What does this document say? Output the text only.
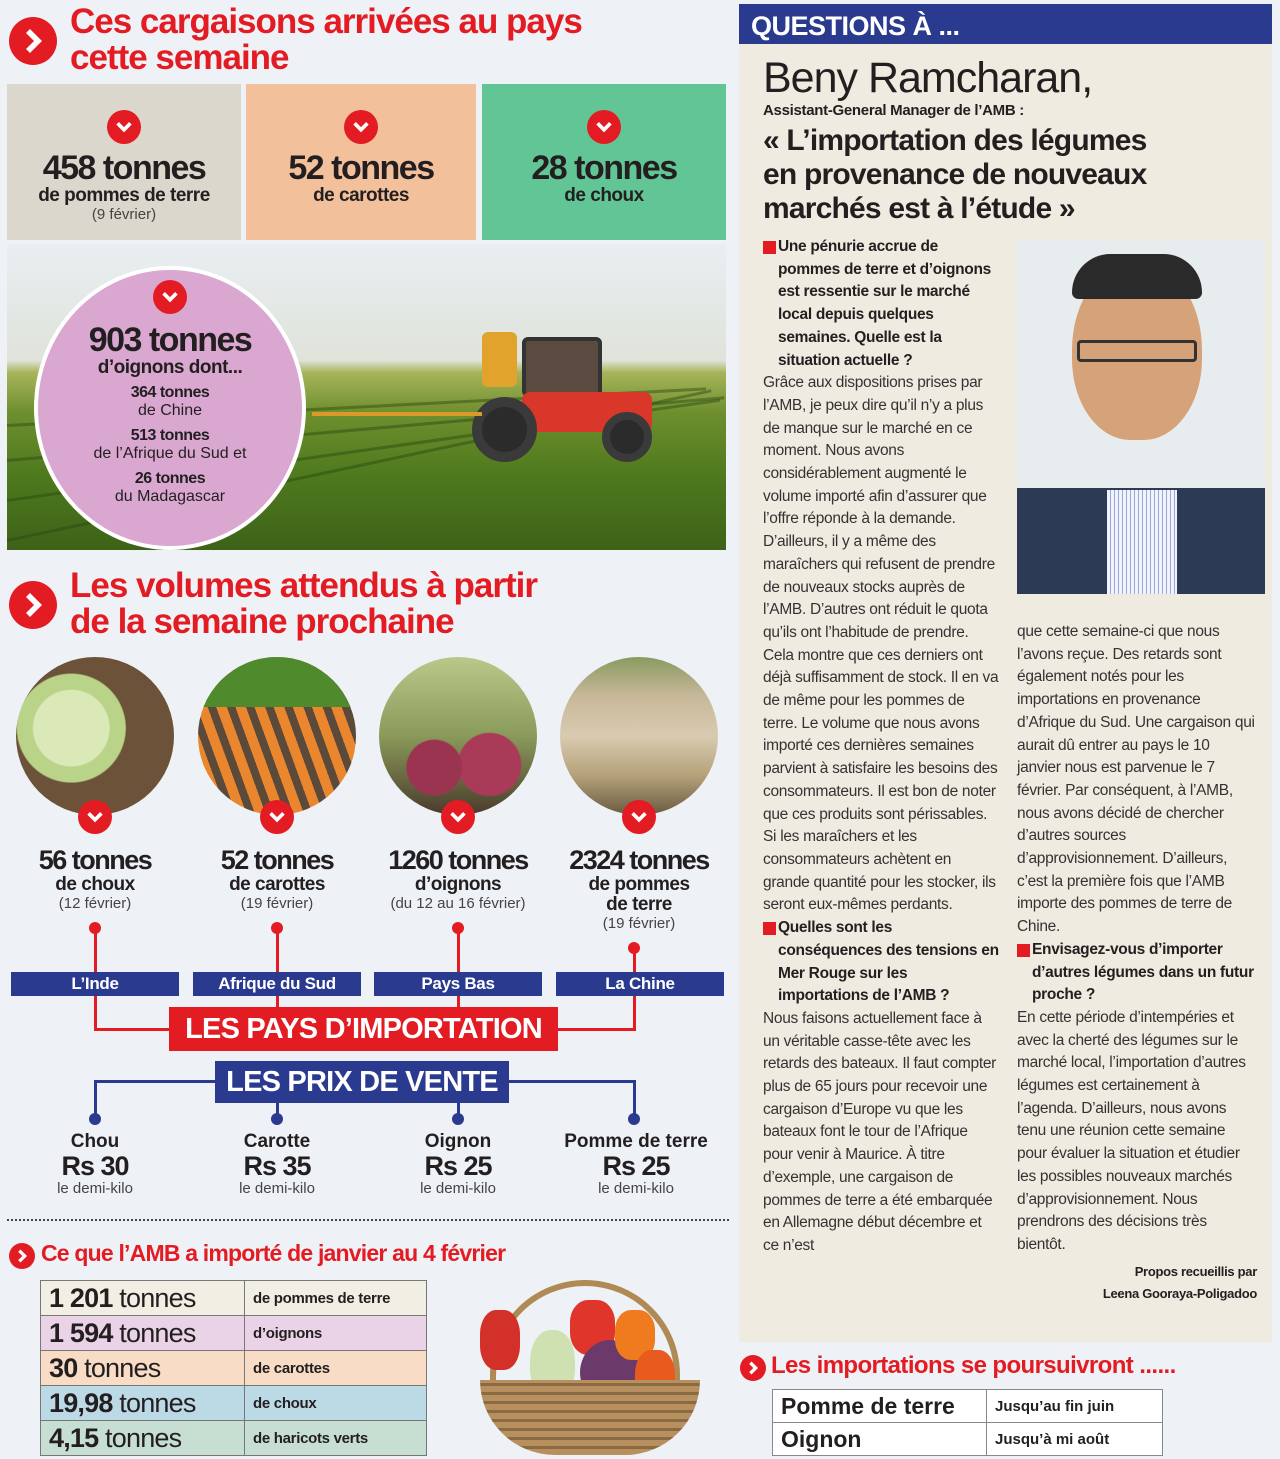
Ces cargaisons arrivées au pays
cette semaine
458 tonnes
de pommes de terre
(9 février)
52 tonnes
de carottes
28 tonnes
de choux
903 tonnes
d’oignons dont...
364 tonnes
de Chine
513 tonnes
de l’Afrique du Sud et
26 tonnes
du Madagascar
Les volumes attendus à partir
de la semaine prochaine
56 tonnes
de choux
(12 février)
52 tonnes
de carottes
(19 février)
1260 tonnes
d’oignons
(du 12 au 16 février)
2324 tonnes
de pommes
de terre
(19 février)
L’Inde	Afrique du Sud	Pays Bas	La Chine
LES PAYS D’IMPORTATION
LES PRIX DE VENTE
Chou
Rs 30
le demi-kilo
Carotte
Rs 35
le demi-kilo
Oignon
Rs 25
le demi-kilo
Pomme de terre
Rs 25
le demi-kilo
Ce que l’AMB a importé de janvier au 4 février
1 201 tonnes	de pommes de terre
1 594 tonnes	d’oignons
30 tonnes	de carottes
19,98 tonnes	de choux
4,15 tonnes	de haricots verts
QUESTIONS À ...
Beny Ramcharan,
Assistant-General Manager de l’AMB :
« L’importation des légumes
en provenance de nouveaux
marchés est à l’étude »

Une pénurie accrue de pommes de terre et d’oignons est ressentie sur le marché local depuis quelques semaines. Quelle est la situation actuelle ?

Grâce aux dispositions prises par l’AMB, je peux dire qu’il n’y a plus de manque sur le marché en ce moment. Nous avons considérablement augmenté le volume importé afin d’assurer que l’offre réponde à la demande. D’ailleurs, il y a même des maraîchers qui refusent de prendre de nouveaux stocks auprès de l’AMB. D’autres ont réduit le quota qu’ils ont l’habitude de prendre. Cela montre que ces derniers ont déjà suffisamment de stock. Il en va de même pour les pommes de terre. Le volume que nous avons importé ces dernières semaines parvient à satisfaire les besoins des consommateurs. Il est bon de noter que ces produits sont périssables. Si les maraîchers et les consommateurs achètent en grande quantité pour les stocker, ils seront eux-mêmes perdants.

Quelles sont les conséquences des tensions en Mer Rouge sur les importations de l’AMB ?

Nous faisons actuellement face à un véritable casse-tête avec les retards des bateaux. Il faut compter plus de 65 jours pour recevoir une cargaison d’Europe vu que les bateaux font le tour de l’Afrique pour venir à Maurice. À titre d’exemple, une cargaison de pommes de terre a été embarquée en Allemagne début décembre et ce n’est

que cette semaine-ci que nous l’avons reçue. Des retards sont également notés pour les importations en provenance d’Afrique du Sud. Une cargaison qui aurait dû entrer au pays le 10 janvier nous est parvenue le 7 février. Par conséquent, à l’AMB, nous avons décidé de chercher d’autres sources d’approvisionnement. D’ailleurs, c’est la première fois que l’AMB importe des pommes de terre de Chine.

Envisagez-vous d’importer d’autres légumes dans un futur proche ?

En cette période d’intempéries et avec la cherté des légumes sur le marché local, l’importation d’autres légumes est certainement à l’agenda. D’ailleurs, nous avons tenu une réunion cette semaine pour évaluer la situation et étudier les possibles nouveaux marchés d’approvisionnement. Nous prendrons des décisions très bientôt.

Propos recueillis par

Leena Gooraya-Poligadoo

Les importations se poursuivront ......
Pomme de terre	Jusqu’au fin juin
Oignon	Jusqu’à mi août
